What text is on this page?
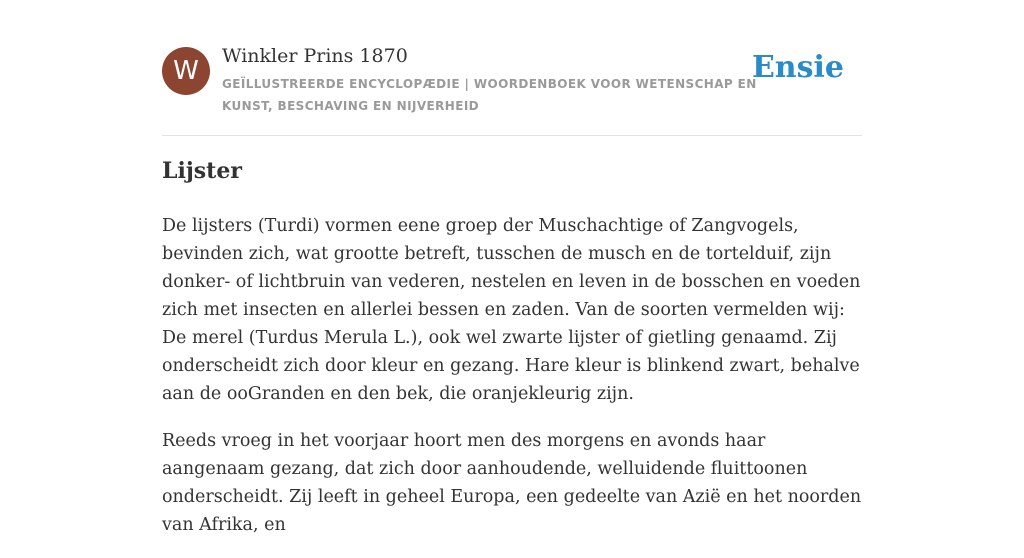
W	Winkler Prins 1870
GEÏLLUSTREERDE ENCYCLOPÆDIE | WOORDENBOEK VOOR WETENSCHAP EN KUNST, BESCHAVING EN NIJVERHEID
Ensie
Lijster

De lijsters (Turdi) vormen eene groep der Muschachtige of Zangvogels, bevinden zich, wat grootte betreft, tusschen de musch en de tortelduif, zijn donker- of lichtbruin van vederen, nestelen en leven in de bosschen en voeden zich met insecten en allerlei bessen en zaden. Van de soorten vermelden wij: De merel (Turdus Merula L.), ook wel zwarte lijster of gietling genaamd. Zij onderscheidt zich door kleur en gezang. Hare kleur is blinkend zwart, behalve aan de ooGranden en den bek, die oranjekleurig zijn.

Reeds vroeg in het voorjaar hoort men des morgens en avonds haar aangenaam gezang, dat zich door aanhoudende, welluidende fluittoonen onderscheidt. Zij leeft in geheel Europa, een gedeelte van Azië en het noorden van Afrika, en
